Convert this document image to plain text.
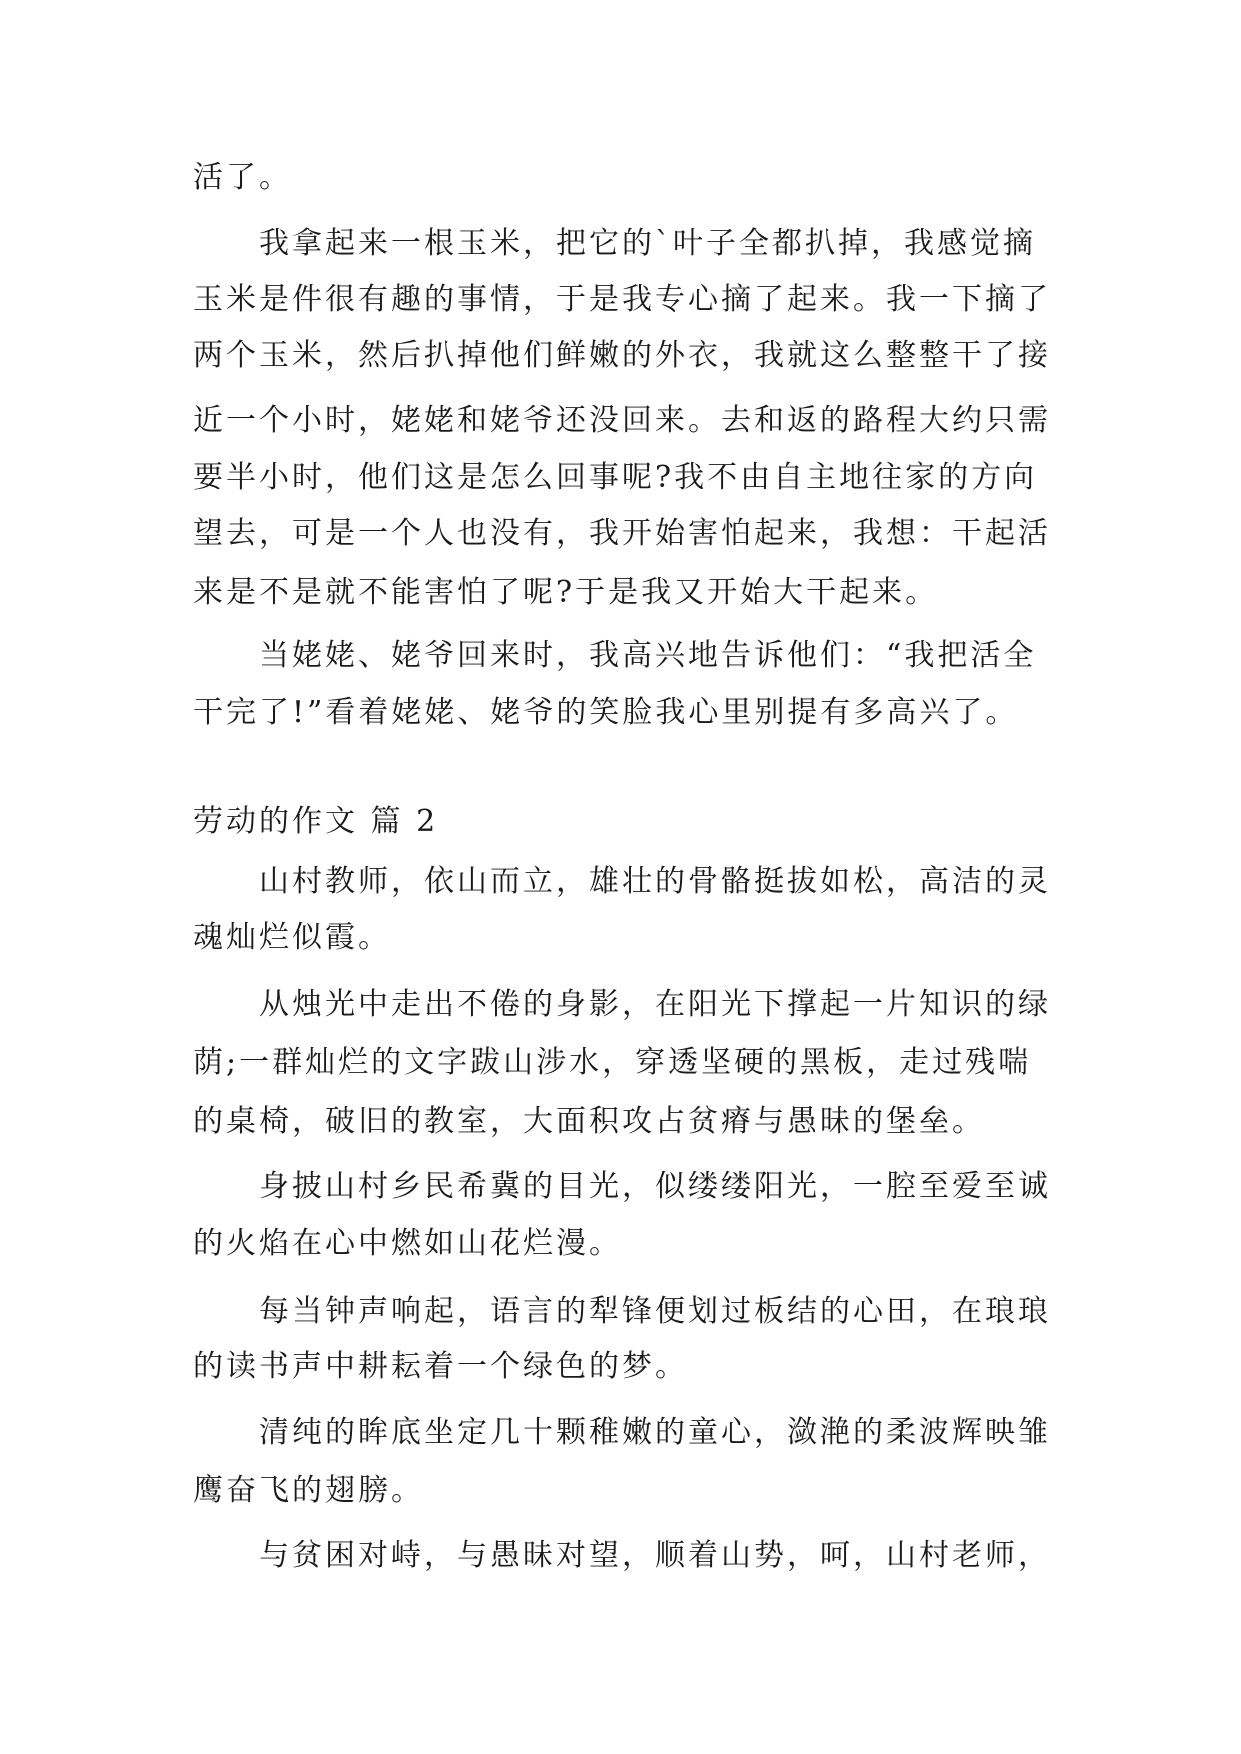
活了。
　　我拿起来一根玉米，把它的`叶子全都扒掉，我感觉摘
玉米是件很有趣的事情，于是我专心摘了起来。我一下摘了
两个玉米，然后扒掉他们鲜嫩的外衣，我就这么整整干了接
近一个小时，姥姥和姥爷还没回来。去和返的路程大约只需
要半小时，他们这是怎么回事呢?我不由自主地往家的方向
望去，可是一个人也没有，我开始害怕起来，我想：干起活
来是不是就不能害怕了呢?于是我又开始大干起来。
　　当姥姥、姥爷回来时，我高兴地告诉他们：“我把活全
干完了!”看着姥姥、姥爷的笑脸我心里别提有多高兴了。
劳动的作文 篇 2
　　山村教师，依山而立，雄壮的骨骼挺拔如松，高洁的灵
魂灿烂似霞。
　　从烛光中走出不倦的身影，在阳光下撑起一片知识的绿
荫;一群灿烂的文字跋山涉水，穿透坚硬的黑板，走过残喘
的桌椅，破旧的教室，大面积攻占贫瘠与愚昧的堡垒。
　　身披山村乡民希冀的目光，似缕缕阳光，一腔至爱至诚
的火焰在心中燃如山花烂漫。
　　每当钟声响起，语言的犁锋便划过板结的心田，在琅琅
的读书声中耕耘着一个绿色的梦。
　　清纯的眸底坐定几十颗稚嫩的童心，潋滟的柔波辉映雏
鹰奋飞的翅膀。
　　与贫困对峙，与愚昧对望，顺着山势，呵，山村老师，
